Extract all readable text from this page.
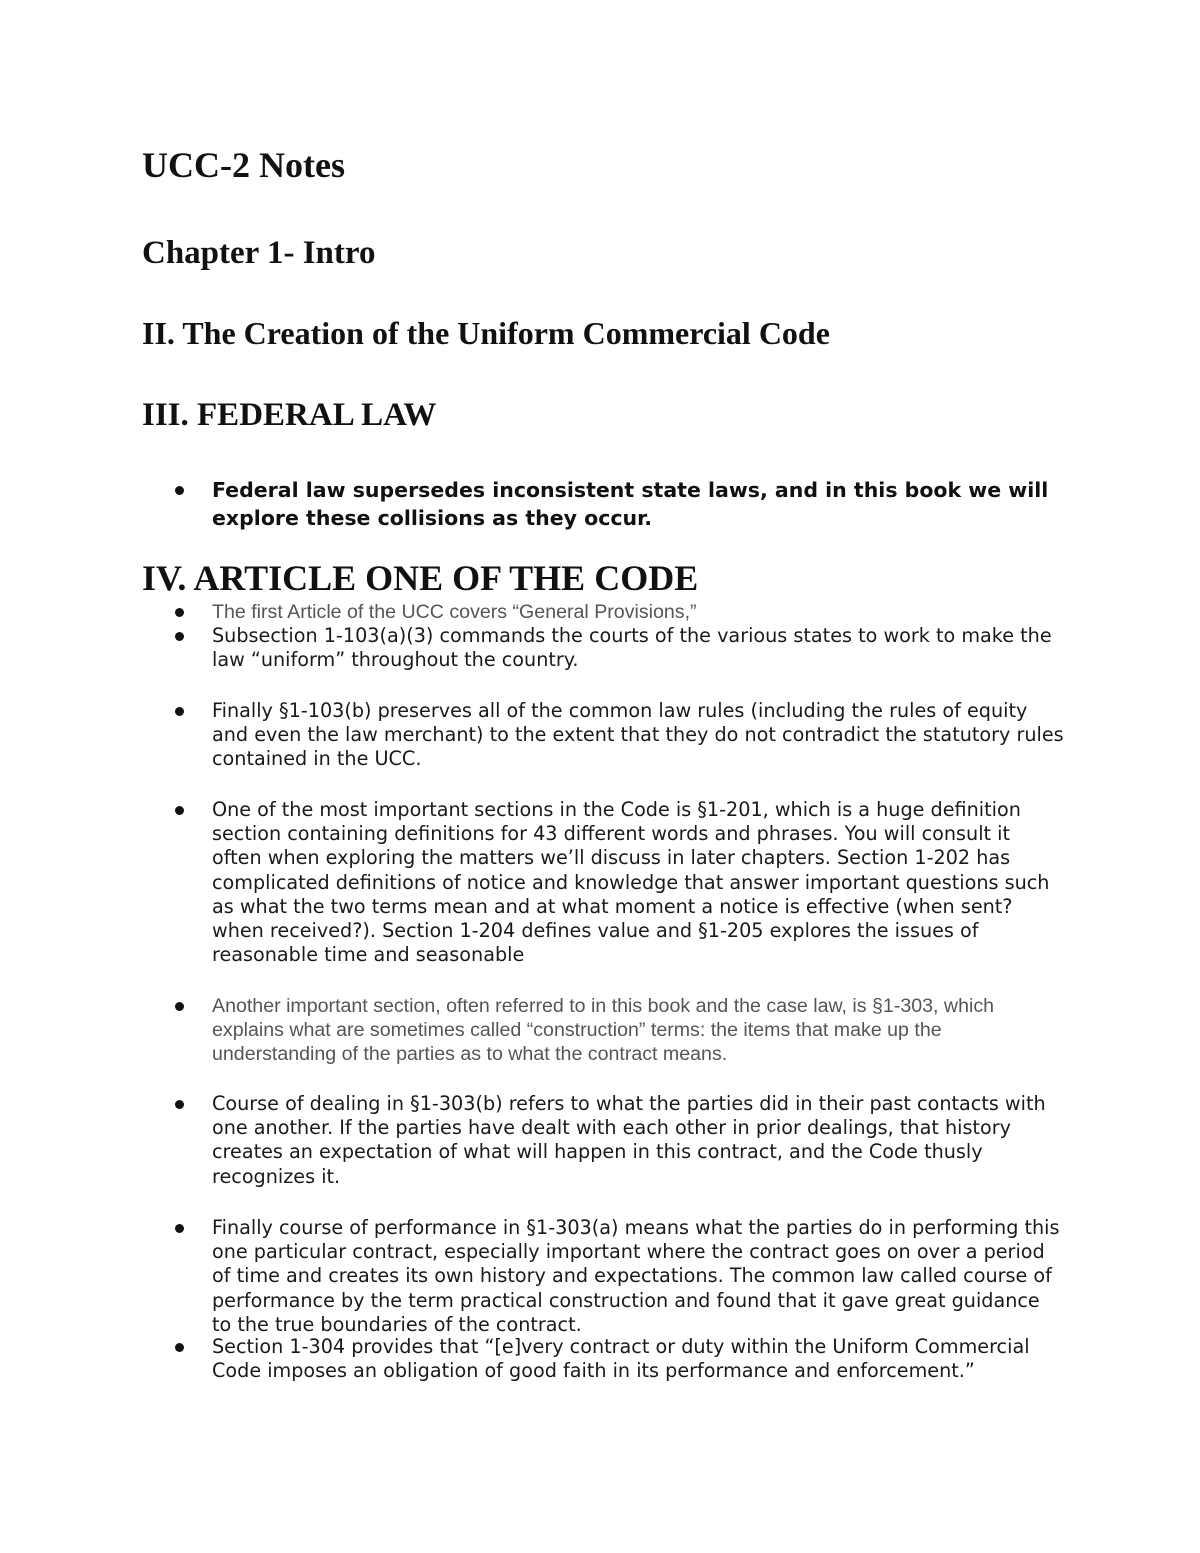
UCC-2 Notes
Chapter 1- Intro
II. The Creation of the Uniform Commercial Code
III. FEDERAL LAW
Federal law supersedes inconsistent state laws, and in this book we will explore these collisions as they occur.
IV. ARTICLE ONE OF THE CODE
The first Article of the UCC covers “General Provisions,”
Subsection 1-103(a)(3) commands the courts of the various states to work to make the law “uniform” throughout the country.
Finally §1-103(b) preserves all of the common law rules (including the rules of equity and even the law merchant) to the extent that they do not contradict the statutory rules contained in the UCC.
One of the most important sections in the Code is §1-201, which is a huge definition section containing definitions for 43 different words and phrases. You will consult it often when exploring the matters we’ll discuss in later chapters. Section 1-202 has complicated definitions of notice and knowledge that answer important questions such as what the two terms mean and at what moment a notice is effective (when sent? when received?). Section 1-204 defines value and §1-205 explores the issues of reasonable time and seasonable
Another important section, often referred to in this book and the case law, is §1-303, which explains what are sometimes called “construction” terms: the items that make up the understanding of the parties as to what the contract means.
Course of dealing in §1-303(b) refers to what the parties did in their past contacts with one another. If the parties have dealt with each other in prior dealings, that history creates an expectation of what will happen in this contract, and the Code thusly recognizes it.
Finally course of performance in §1-303(a) means what the parties do in performing this one particular contract, especially important where the contract goes on over a period of time and creates its own history and expectations. The common law called course of performance by the term practical construction and found that it gave great guidance to the true boundaries of the contract.
Section 1-304 provides that “[e]very contract or duty within the Uniform Commercial Code imposes an obligation of good faith in its performance and enforcement.”
